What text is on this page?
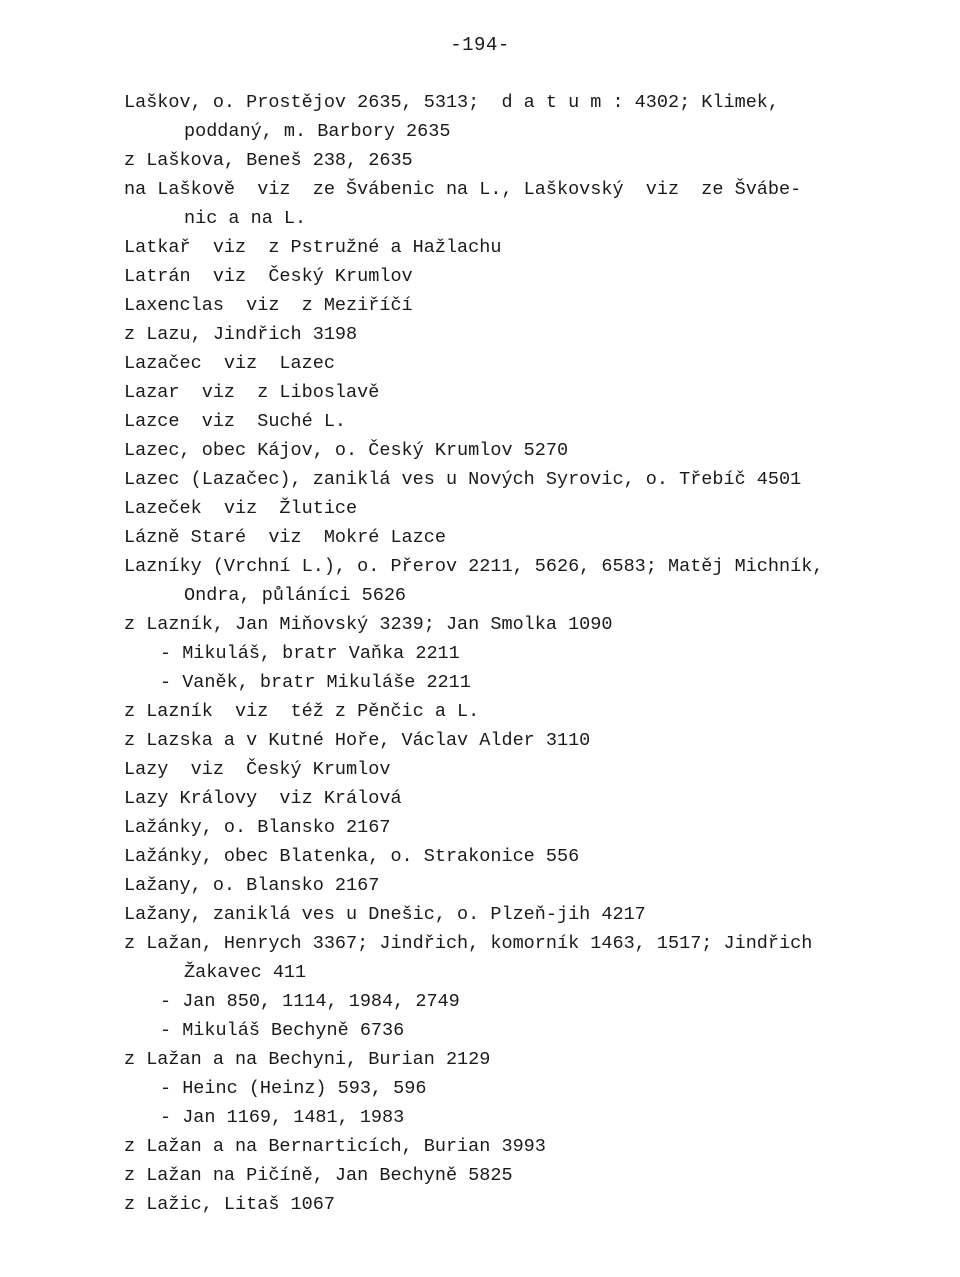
-194-
Laškov, o. Prostějov 2635, 5313;  d a t u m : 4302; Klimek,
poddaný, m. Barbory 2635
z Laškova, Beneš 238, 2635
na Laškově  viz  ze Švábenic na L., Laškovský  viz  ze Švábe-
nic a na L.
Latkař  viz  z Pstružné a Hažlachu
Latrán  viz  Český Krumlov
Laxenclas  viz  z Meziříčí
z Lazu, Jindřich 3198
Lazačec  viz  Lazec
Lazar  viz  z Liboslavě
Lazce  viz  Suché L.
Lazec, obec Kájov, o. Český Krumlov 5270
Lazec (Lazačec), zaniklá ves u Nových Syrovic, o. Třebíč 4501
Lazeček  viz  Žlutice
Lázně Staré  viz  Mokré Lazce
Lazníky (Vrchní L.), o. Přerov 2211, 5626, 6583; Matěj Michník,
Ondra, půláníci 5626
z Lazník, Jan Miňovský 3239; Jan Smolka 1090
- Mikuláš, bratr Vaňka 2211
- Vaněk, bratr Mikuláše 2211
z Lazník  viz  též z Pěnčic a L.
z Lazska a v Kutné Hoře, Václav Alder 3110
Lazy  viz  Český Krumlov
Lazy Královy  viz Králová
Lažánky, o. Blansko 2167
Lažánky, obec Blatenka, o. Strakonice 556
Lažany, o. Blansko 2167
Lažany, zaniklá ves u Dnešic, o. Plzeň-jih 4217
z Lažan, Henrych 3367; Jindřich, komorník 1463, 1517; Jindřich
Žakavec 411
- Jan 850, 1114, 1984, 2749
- Mikuláš Bechyně 6736
z Lažan a na Bechyni, Burian 2129
- Heinc (Heinz) 593, 596
- Jan 1169, 1481, 1983
z Lažan a na Bernarticích, Burian 3993
z Lažan na Pičíně, Jan Bechyně 5825
z Lažic, Litaš 1067
